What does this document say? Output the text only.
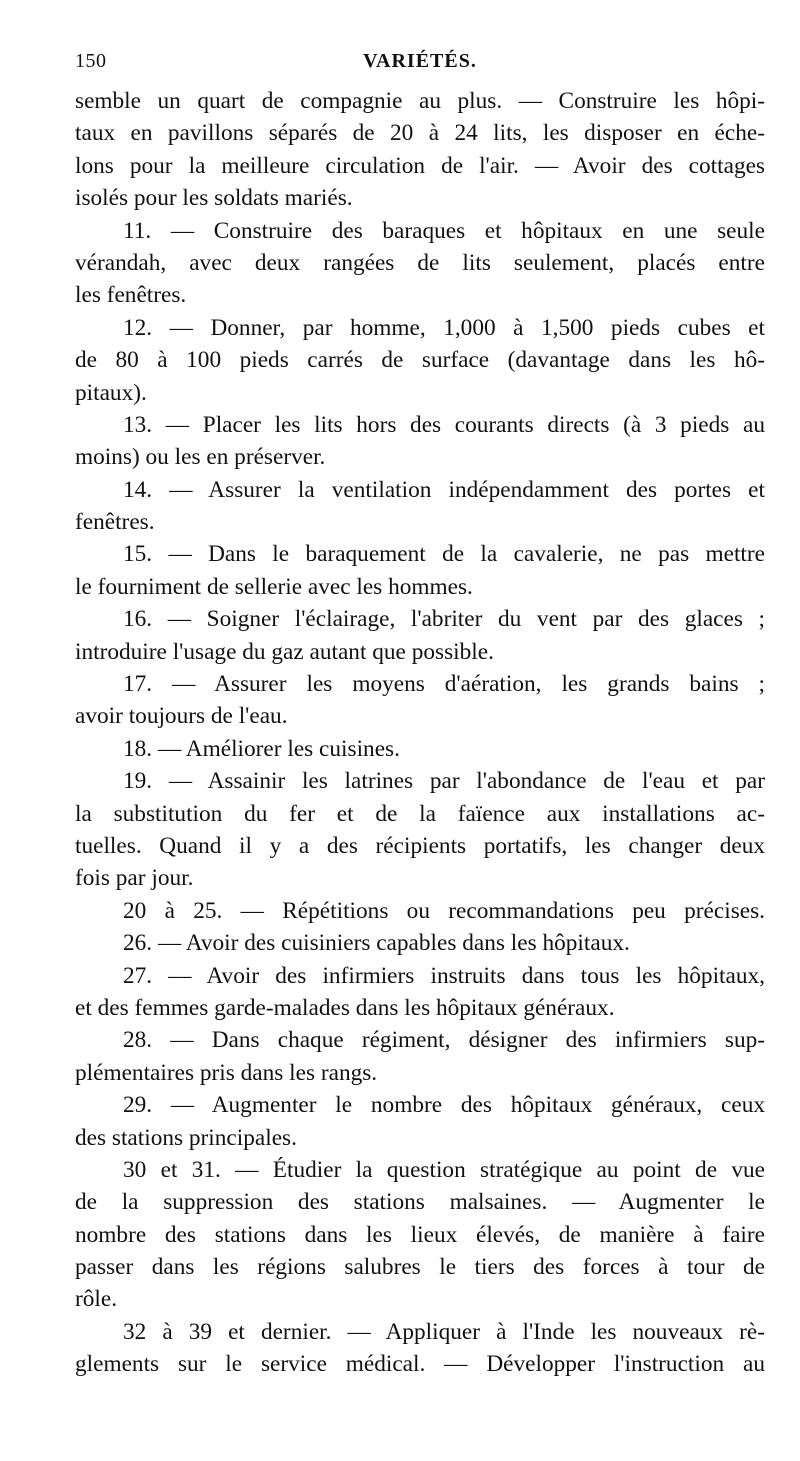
150	VARIÉTÉS.
semble un quart de compagnie au plus. — Construire les hôpi-
taux en pavillons séparés de 20 à 24 lits, les disposer en éche-
lons pour la meilleure circulation de l'air. — Avoir des cottages
isolés pour les soldats mariés.
11. — Construire des baraques et hôpitaux en une seule
vérandah, avec deux rangées de lits seulement, placés entre
les fenêtres.
12. — Donner, par homme, 1,000 à 1,500 pieds cubes et
de 80 à 100 pieds carrés de surface (davantage dans les hô-
pitaux).
13. — Placer les lits hors des courants directs (à 3 pieds au
moins) ou les en préserver.
14. — Assurer la ventilation indépendamment des portes et
fenêtres.
15. — Dans le baraquement de la cavalerie, ne pas mettre
le fourniment de sellerie avec les hommes.
16. — Soigner l'éclairage, l'abriter du vent par des glaces ;
introduire l'usage du gaz autant que possible.
17. — Assurer les moyens d'aération, les grands bains ;
avoir toujours de l'eau.
18. — Améliorer les cuisines.
19. — Assainir les latrines par l'abondance de l'eau et par
la substitution du fer et de la faïence aux installations ac-
tuelles. Quand il y a des récipients portatifs, les changer deux
fois par jour.
20 à 25. — Répétitions ou recommandations peu précises.
26. — Avoir des cuisiniers capables dans les hôpitaux.
27. — Avoir des infirmiers instruits dans tous les hôpitaux,
et des femmes garde-malades dans les hôpitaux généraux.
28. — Dans chaque régiment, désigner des infirmiers sup-
plémentaires pris dans les rangs.
29. — Augmenter le nombre des hôpitaux généraux, ceux
des stations principales.
30 et 31. — Étudier la question stratégique au point de vue
de la suppression des stations malsaines. — Augmenter le
nombre des stations dans les lieux élevés, de manière à faire
passer dans les régions salubres le tiers des forces à tour de
rôle.
32 à 39 et dernier. — Appliquer à l'Inde les nouveaux rè-
glements sur le service médical. — Développer l'instruction au
